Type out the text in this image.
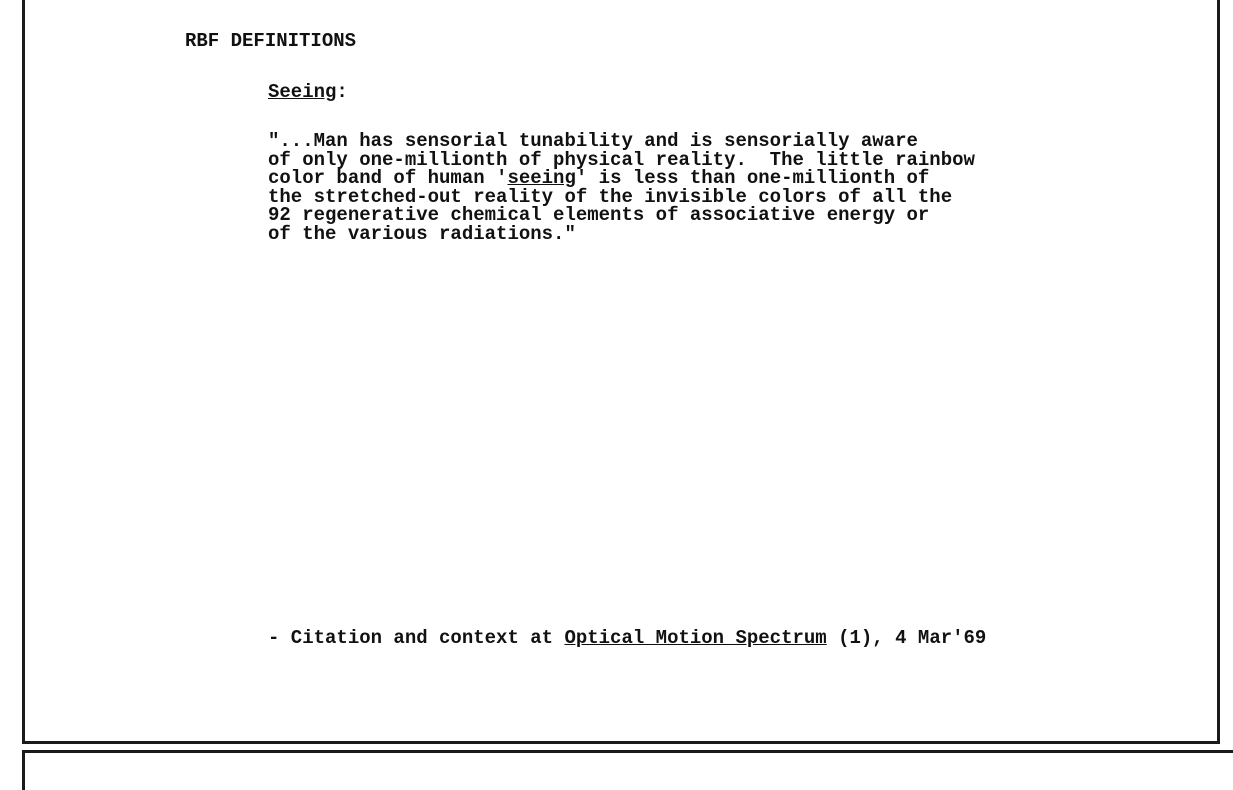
RBF DEFINITIONS
Seeing:
"...Man has sensorial tunability and is sensorially aware
of only one-millionth of physical reality.  The little rainbow
color band of human 'seeing' is less than one-millionth of
the stretched-out reality of the invisible colors of all the
92 regenerative chemical elements of associative energy or
of the various radiations."
- Citation and context at Optical Motion Spectrum (1), 4 Mar'69
